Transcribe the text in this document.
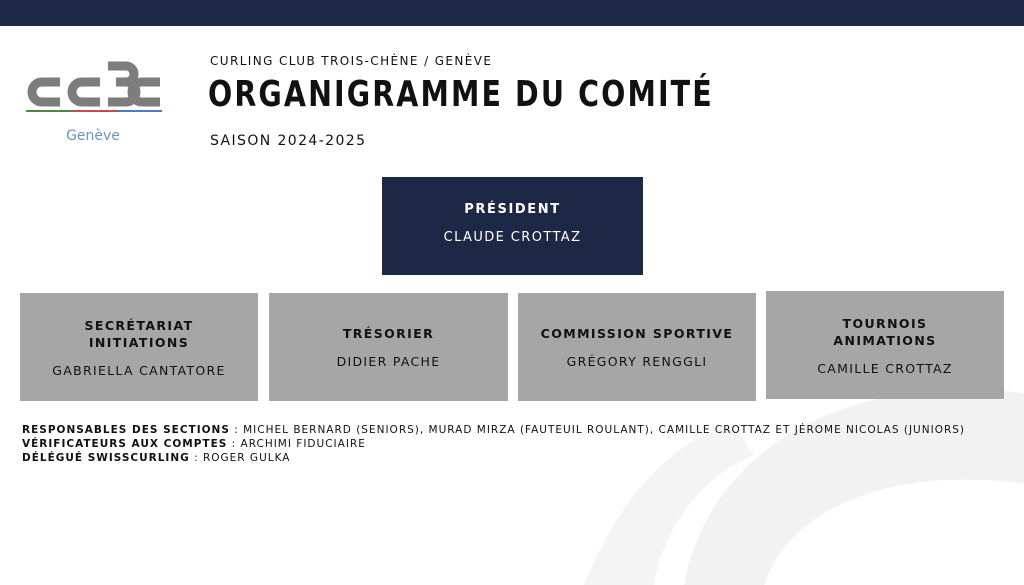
Genève
CURLING CLUB TROIS-CHÈNE / GENÈVE
ORGANIGRAMME DU COMITÉ
SAISON 2024-2025
PRÉSIDENT
CLAUDE CROTTAZ
SECRÉTARIAT
INITIATIONS
GABRIELLA CANTATORE
TRÉSORIER
DIDIER PACHE
COMMISSION SPORTIVE
GRÉGORY RENGGLI
TOURNOIS
ANIMATIONS
CAMILLE CROTTAZ
RESPONSABLES DES SECTIONS : MICHEL BERNARD (SENIORS), MURAD MIRZA (FAUTEUIL ROULANT), CAMILLE CROTTAZ ET JÉROME NICOLAS (JUNIORS)
VÉRIFICATEURS AUX COMPTES : ARCHIMI FIDUCIAIRE
DÉLÉGUÉ SWISSCURLING : ROGER GULKA
